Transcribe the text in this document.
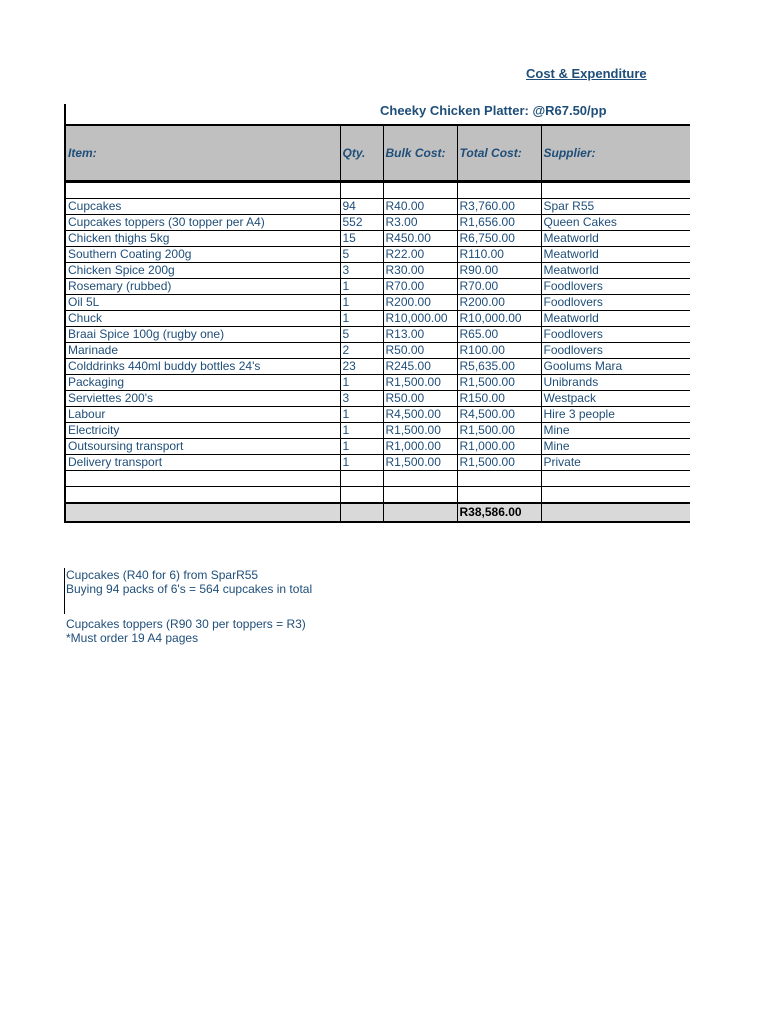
Cost & Expenditure
Cheeky Chicken Platter: @R67.50/pp
Item:	Qty.	Bulk Cost:	Total Cost:	Supplier:

Cupcakes	94	R40.00	R3,760.00	Spar R55
Cupcakes toppers (30 topper per A4)	552	R3.00	R1,656.00	Queen Cakes
Chicken thighs 5kg	15	R450.00	R6,750.00	Meatworld
Southern Coating 200g	5	R22.00	R110.00	Meatworld
Chicken Spice 200g	3	R30.00	R90.00	Meatworld
Rosemary (rubbed)	1	R70.00	R70.00	Foodlovers
Oil 5L	1	R200.00	R200.00	Foodlovers
Chuck	1	R10,000.00	R10,000.00	Meatworld
Braai Spice 100g (rugby one)	5	R13.00	R65.00	Foodlovers
Marinade	2	R50.00	R100.00	Foodlovers
Colddrinks 440ml buddy bottles 24's	23	R245.00	R5,635.00	Goolums Mara
Packaging	1	R1,500.00	R1,500.00	Unibrands
Serviettes 200's	3	R50.00	R150.00	Westpack
Labour	1	R4,500.00	R4,500.00	Hire 3 people
Electricity	1	R1,500.00	R1,500.00	Mine
Outsoursing transport	1	R1,000.00	R1,000.00	Mine
Delivery transport	1	R1,500.00	R1,500.00	Private

			R38,586.00	
Cupcakes (R40 for 6) from SparR55
Buying 94 packs of 6's = 564 cupcakes in total
Cupcakes toppers (R90 30 per toppers = R3)
*Must order 19 A4 pages
